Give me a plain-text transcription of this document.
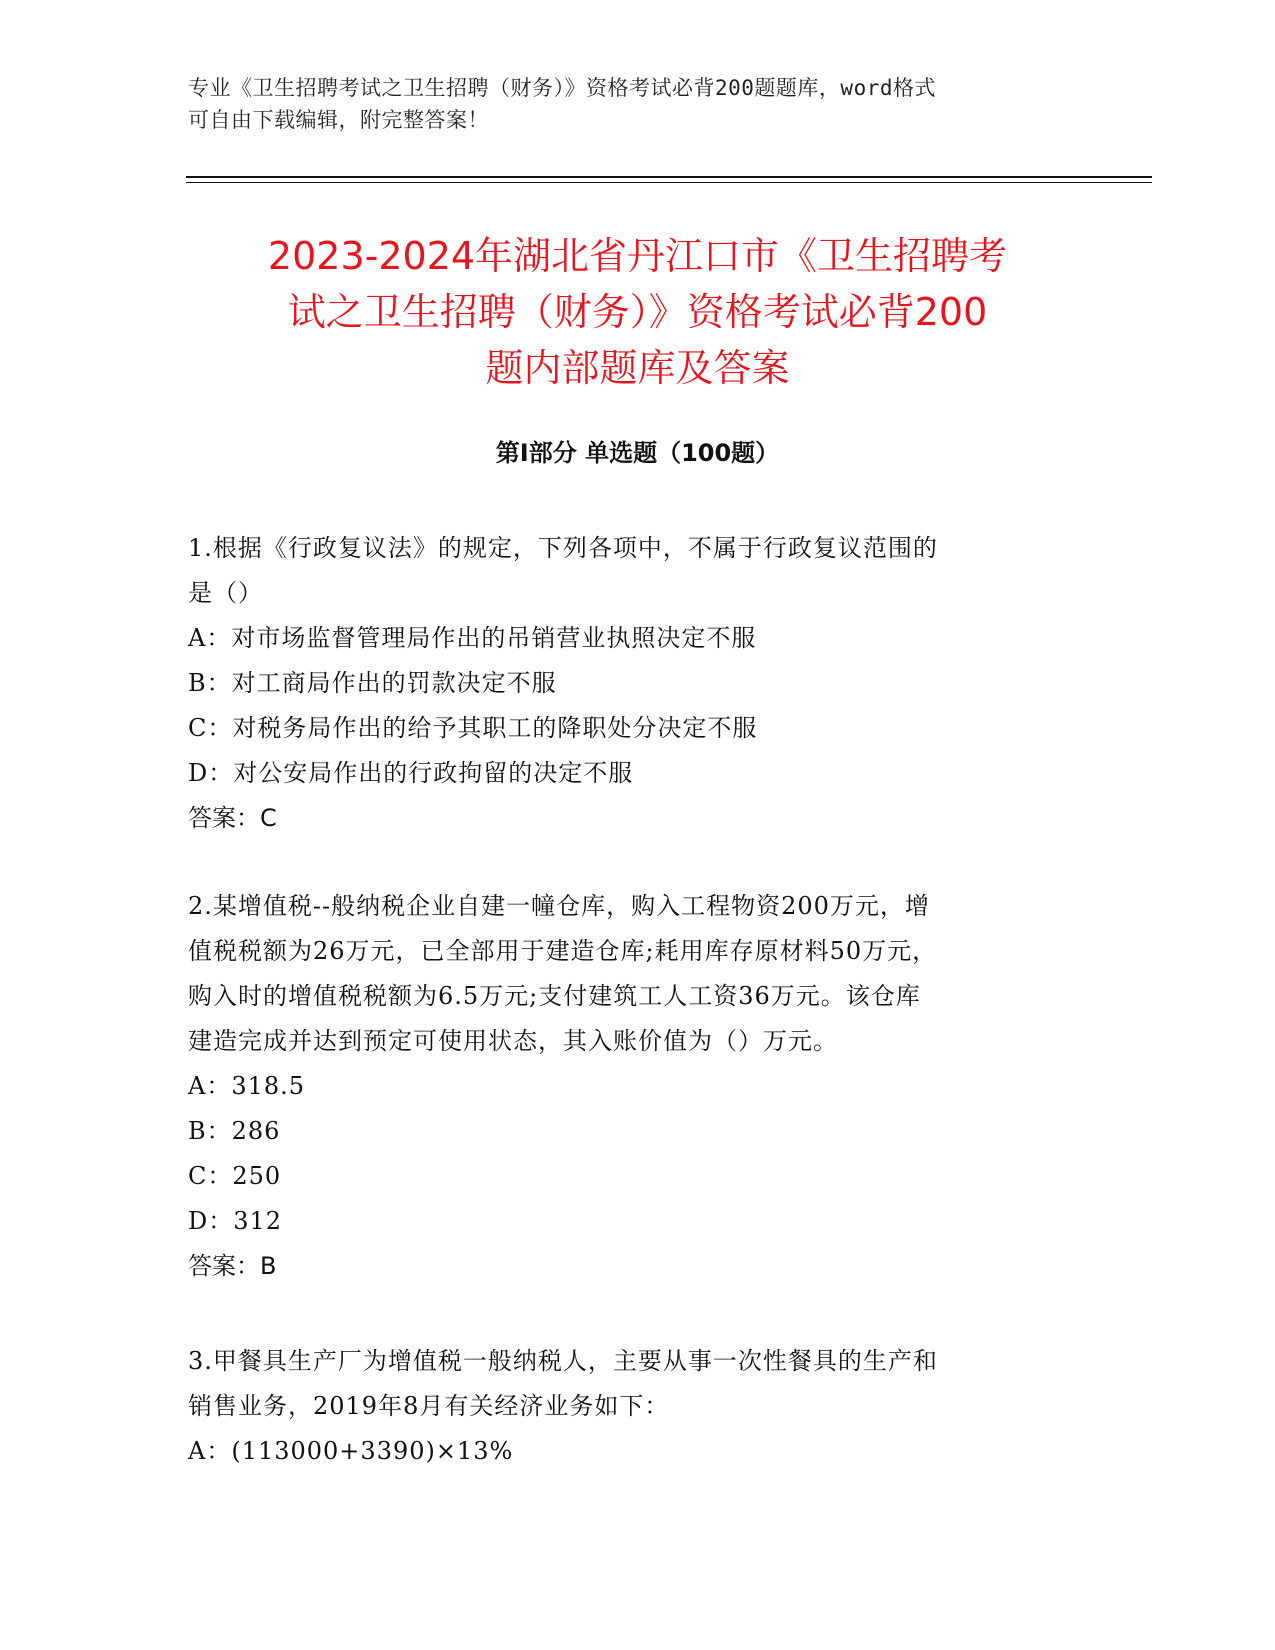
专业《卫生招聘考试之卫生招聘（财务）》资格考试必背200题题库，word格式
可自由下载编辑，附完整答案！
2023-2024年湖北省丹江口市《卫生招聘考
试之卫生招聘（财务）》资格考试必背200
题内部题库及答案
第Ⅰ部分 单选题（100题）
1.根据《行政复议法》的规定，下列各项中，不属于行政复议范围的
是（）
A：对市场监督管理局作出的吊销营业执照决定不服
B：对工商局作出的罚款决定不服
C：对税务局作出的给予其职工的降职处分决定不服
D：对公安局作出的行政拘留的决定不服
答案：C
2.某增值税--般纳税企业自建一幢仓库，购入工程物资200万元，增
值税税额为26万元，已全部用于建造仓库;耗用库存原材料50万元，
购入时的增值税税额为6.5万元;支付建筑工人工资36万元。该仓库
建造完成并达到预定可使用状态，其入账价值为（）万元。
A：318.5
B：286
C：250
D：312
答案：B
3.甲餐具生产厂为增值税一般纳税人，主要从事一次性餐具的生产和
销售业务，2019年8月有关经济业务如下：
A：(113000+3390)×13%
